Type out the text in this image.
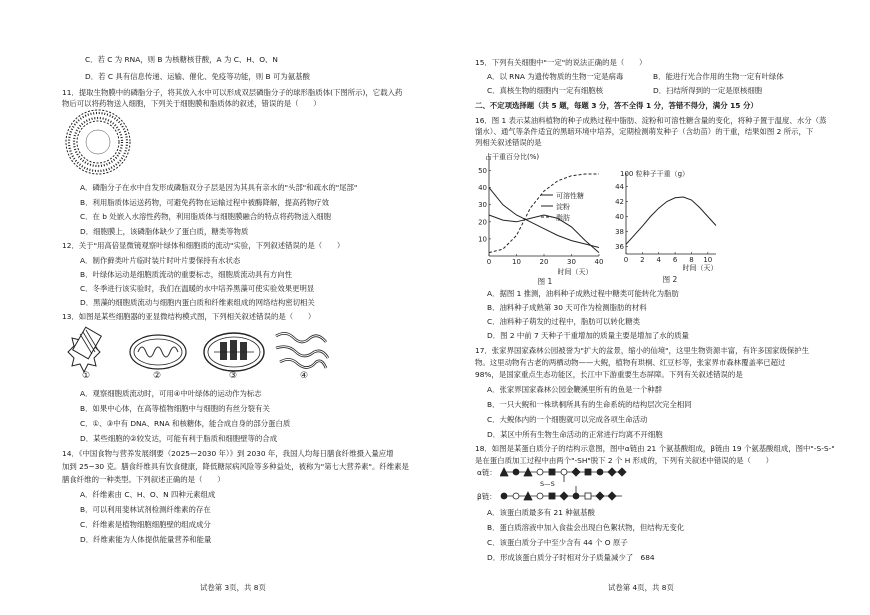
C．若 C 为 RNA，则 B 为核糖核苷酸，A 为 C、H、O、N
D．若 C 具有信息传递、运输、催化、免疫等功能，则 B 可为氨基酸
11．提取生物膜中的磷脂分子，将其放入水中可以形成双层磷脂分子的球形脂质体(下图所示)，它载入药
物后可以将药物送入细胞，下列关于细胞膜和脂质体的叙述，错误的是（　　）
A．磷脂分子在水中自发形成磷脂双分子层是因为其具有亲水的"头部"和疏水的"尾部"
B．利用脂质体运送药物，可避免药物在运输过程中被酶降解，提高药物疗效
C．在 b 处嵌入水溶性药物，利用脂质体与细胞膜融合的特点将药物送入细胞
D．细胞膜上，该磷脂体缺少了蛋白质，糖类等物质
12．关于"用高倍显微镜观察叶绿体和细胞质的流动"实验，下列叙述错误的是（　　）
A．制作藓类叶片临时装片时叶片要保持有水状态
B．叶绿体运动是细胞质流动的重要标志，细胞质流动具有方向性
C．冬季进行该实验时，我们在温暖的水中培养黑藻可使实验效果更明显
D．黑藻的细胞质流动与细胞内蛋白质和纤维素组成的网络结构密切相关
13．如图是某些细胞器的亚显微结构模式图，下列相关叙述错误的是（　　）
①	②	③	④
A．观察细胞质流动时，可用④中叶绿体的运动作为标志
B．如果中心体，在高等植物细胞中与细胞的有丝分裂有关
C．①、③中有 DNA、RNA 和核糖体，能合成自身的部分蛋白质
D．某些细胞的②较发达，可能有利于脂质和细胞壁等的合成
14．《中国食物与营养发展纲要（2025—2030 年）》到 2030 年，我国人均每日膳食纤维摄入量应增
加到 25~30 克。膳食纤维具有饮食健康，降低糖尿病风险等多种益处，被称为"第七大营养素"。纤维素是
膳食纤维的一种类型。下列叙述正确的是（　　）
A．纤维素由 C、H、O、N 四种元素组成
B．可以利用斐林试剂检测纤维素的存在
C．纤维素是植物细胞细胞壁的组成成分
D．纤维素能为人体提供能量营养和能量
试卷第 3页，共 8页
15．下列有关细胞中"一定"的说法正确的是（　　）
A．以 RNA 为遗传物质的生物一定是病毒	B．能进行光合作用的生物一定有叶绿体
C．真核生物的细胞内一定有细胞核	D．扫结所得到的一定是原核细胞
二、不定项选择题（共 5 题，每题 3 分，答不全得 1 分，答错不得分，满分 15 分）
16．图 1 表示某油料植物的种子成熟过程中脂肪、淀粉和可溶性糖含量的变化，将种子置于温度、水分（蒸
馏水）、通气等条件适宜的黑暗环境中培养，定期检测萌发种子（含幼苗）的干重，结果如图 2 所示，下
列相关叙述错误的是
0	10	20	30	40
10
20
30
40
50
可溶性糖
淀粉
脂肪
占干重百分比(%)
时间（天）
图 1
0 2 4 6 8 10
36
38
40
42
44
100 粒种子干重（g）
时间（天）
图 2
A．据图 1 推测，油料种子成熟过程中糖类可能转化为脂肪
B．油料种子成熟第 30 天可作为检测脂肪的材料
C．油料种子萌发的过程中，脂肪可以转化糖类
D．图 2 中前 7 天种子干重增加的质量主要是增加了水的质量
17．张家界国家森林公园被誉为"扩大的盆景，缩小的仙境"，这里生物资源丰富，有许多国家级保护生
物。这里动物有古老的两栖动物——大鲵，植物有珙桐、红豆杉等，张家界市森林覆盖率已超过
98%，是国家重点生态功能区，长江中下游重要生态屏障。下列有关叙述错误的是
A．张家界国家森林公园金鞭溪里所有的鱼是一个种群
B．一只大鲵和一株珙桐所具有的生命系统的结构层次完全相同
C．大鲵体内的一个细胞就可以完成各项生命活动
D．某区中所有生物生命活动的正常进行均离不开细胞
18．如图是某蛋白质分子的结构示意图，图中α链由 21 个氨基酸组成，β链由 19 个氨基酸组成，图中"-S-S-"
是在蛋白质加工过程中由两个"-SH"脱下 2 个 H 形成的，下列有关叙述中错误的是（　　）
α链：
β链：
S—S
A．该蛋白质最多有 21 种氨基酸
B．蛋白质溶液中加入食盐会出现白色絮状物，但结构无变化
C．该蛋白质分子中至少含有 44 个 O 原子
D．形成该蛋白质分子时相对分子质量减少了　684
试卷第 4页，共 8页
